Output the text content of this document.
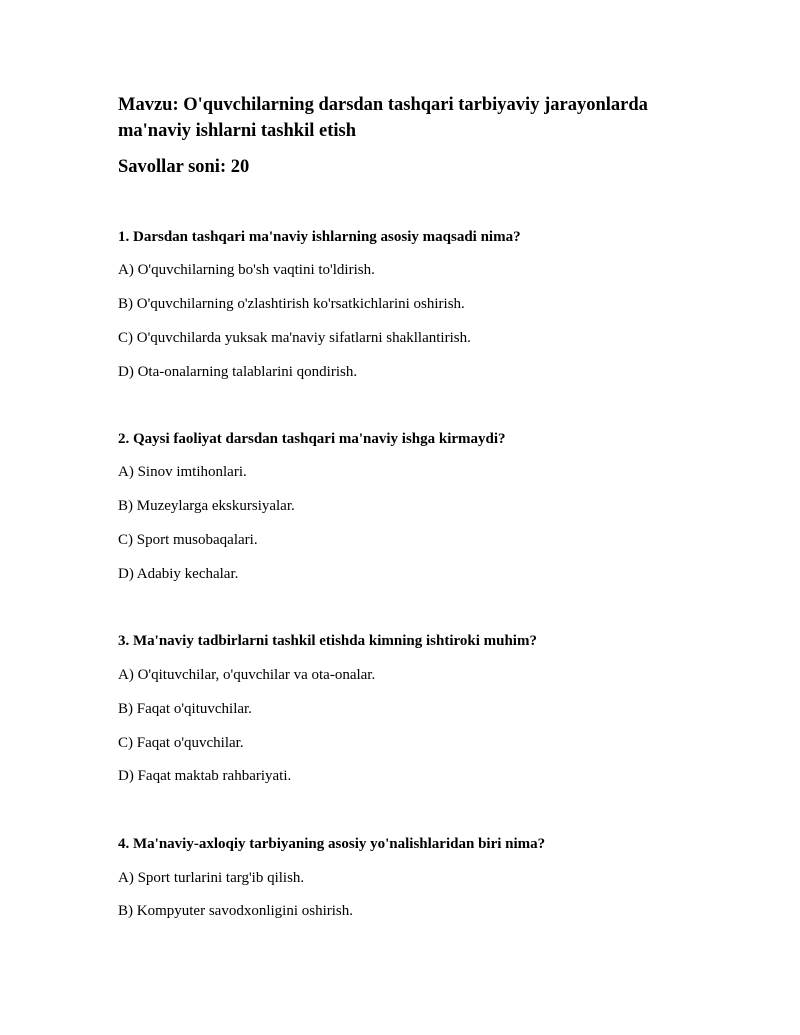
Mavzu: O'quvchilarning darsdan tashqari tarbiyaviy jarayonlarda ma'naviy ishlarni tashkil etish
Savollar soni: 20

1. Darsdan tashqari ma'naviy ishlarning asosiy maqsadi nima?

A) O'quvchilarning bo'sh vaqtini to'ldirish.

B) O'quvchilarning o'zlashtirish ko'rsatkichlarini oshirish.

C) O'quvchilarda yuksak ma'naviy sifatlarni shakllantirish.

D) Ota-onalarning talablarini qondirish.

2. Qaysi faoliyat darsdan tashqari ma'naviy ishga kirmaydi?

A) Sinov imtihonlari.

B) Muzeylarga ekskursiyalar.

C) Sport musobaqalari.

D) Adabiy kechalar.

3. Ma'naviy tadbirlarni tashkil etishda kimning ishtiroki muhim?

A) O'qituvchilar, o'quvchilar va ota-onalar.

B) Faqat o'qituvchilar.

C) Faqat o'quvchilar.

D) Faqat maktab rahbariyati.

4. Ma'naviy-axloqiy tarbiyaning asosiy yo'nalishlaridan biri nima?

A) Sport turlarini targ'ib qilish.

B) Kompyuter savodxonligini oshirish.
